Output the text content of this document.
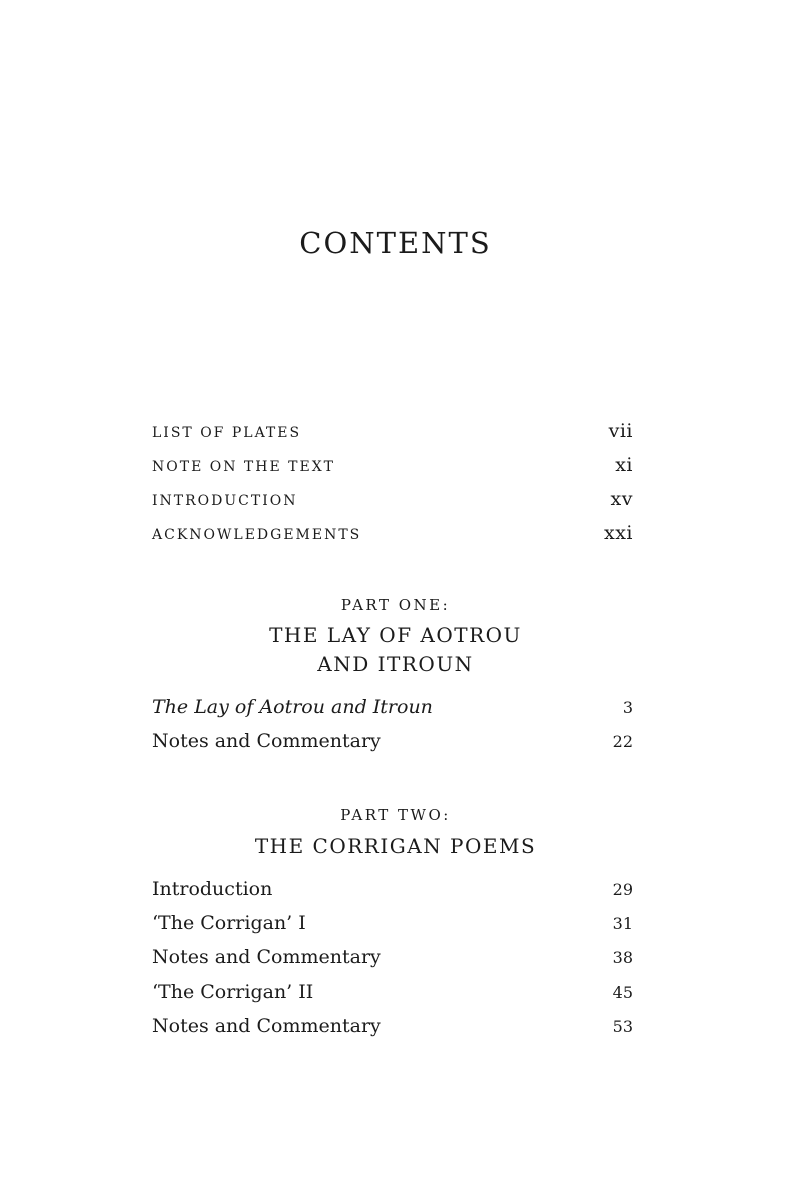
CONTENTS
LIST OF PLATES	vii
NOTE ON THE TEXT	xi
INTRODUCTION	xv
ACKNOWLEDGEMENTS	xxi
PART ONE:
THE LAY OF AOTROU
AND ITROUN
The Lay of Aotrou and Itroun	3
Notes and Commentary	22
PART TWO:
THE CORRIGAN POEMS
Introduction	29
‘The Corrigan’ I	31
Notes and Commentary	38
‘The Corrigan’ II	45
Notes and Commentary	53
